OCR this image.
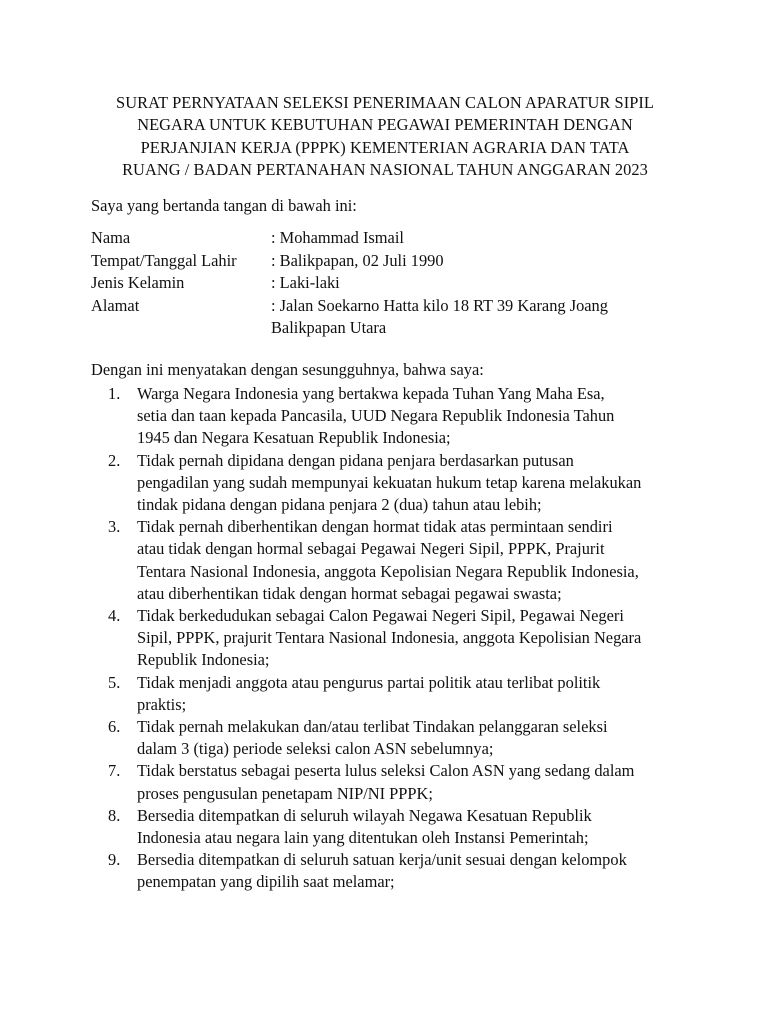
SURAT PERNYATAAN SELEKSI PENERIMAAN CALON APARATUR SIPIL
NEGARA UNTUK KEBUTUHAN PEGAWAI PEMERINTAH DENGAN
PERJANJIAN KERJA (PPPK) KEMENTERIAN AGRARIA DAN TATA
RUANG / BADAN PERTANAHAN NASIONAL TAHUN ANGGARAN 2023
Saya yang bertanda tangan di bawah ini:
Nama	: Mohammad Ismail
Tempat/Tanggal Lahir	: Balikpapan, 02 Juli 1990
Jenis Kelamin	: Laki-laki
Alamat	: Jalan Soekarno Hatta kilo 18 RT 39 Karang Joang
Balikpapan Utara
Dengan ini menyatakan dengan sesungguhnya, bahwa saya:
1.	Warga Negara Indonesia yang bertakwa kepada Tuhan Yang Maha Esa,
setia dan taan kepada Pancasila, UUD Negara Republik Indonesia Tahun
1945 dan Negara Kesatuan Republik Indonesia;
2.	Tidak pernah dipidana dengan pidana penjara berdasarkan putusan
pengadilan yang sudah mempunyai kekuatan hukum tetap karena melakukan
tindak pidana dengan pidana penjara 2 (dua) tahun atau lebih;
3.	Tidak pernah diberhentikan dengan hormat tidak atas permintaan sendiri
atau tidak dengan hormal sebagai Pegawai Negeri Sipil, PPPK, Prajurit
Tentara Nasional Indonesia, anggota Kepolisian Negara Republik Indonesia,
atau diberhentikan tidak dengan hormat sebagai pegawai swasta;
4.	Tidak berkedudukan sebagai Calon Pegawai Negeri Sipil, Pegawai Negeri
Sipil, PPPK, prajurit Tentara Nasional Indonesia, anggota Kepolisian Negara
Republik Indonesia;
5.	Tidak menjadi anggota atau pengurus partai politik atau terlibat politik
praktis;
6.	Tidak pernah melakukan dan/atau terlibat Tindakan pelanggaran seleksi
dalam 3 (tiga) periode seleksi calon ASN sebelumnya;
7.	Tidak berstatus sebagai peserta lulus seleksi Calon ASN yang sedang dalam
proses pengusulan penetapam NIP/NI PPPK;
8.	Bersedia ditempatkan di seluruh wilayah Negawa Kesatuan Republik
Indonesia atau negara lain yang ditentukan oleh Instansi Pemerintah;
9.	Bersedia ditempatkan di seluruh satuan kerja/unit sesuai dengan kelompok
penempatan yang dipilih saat melamar;
